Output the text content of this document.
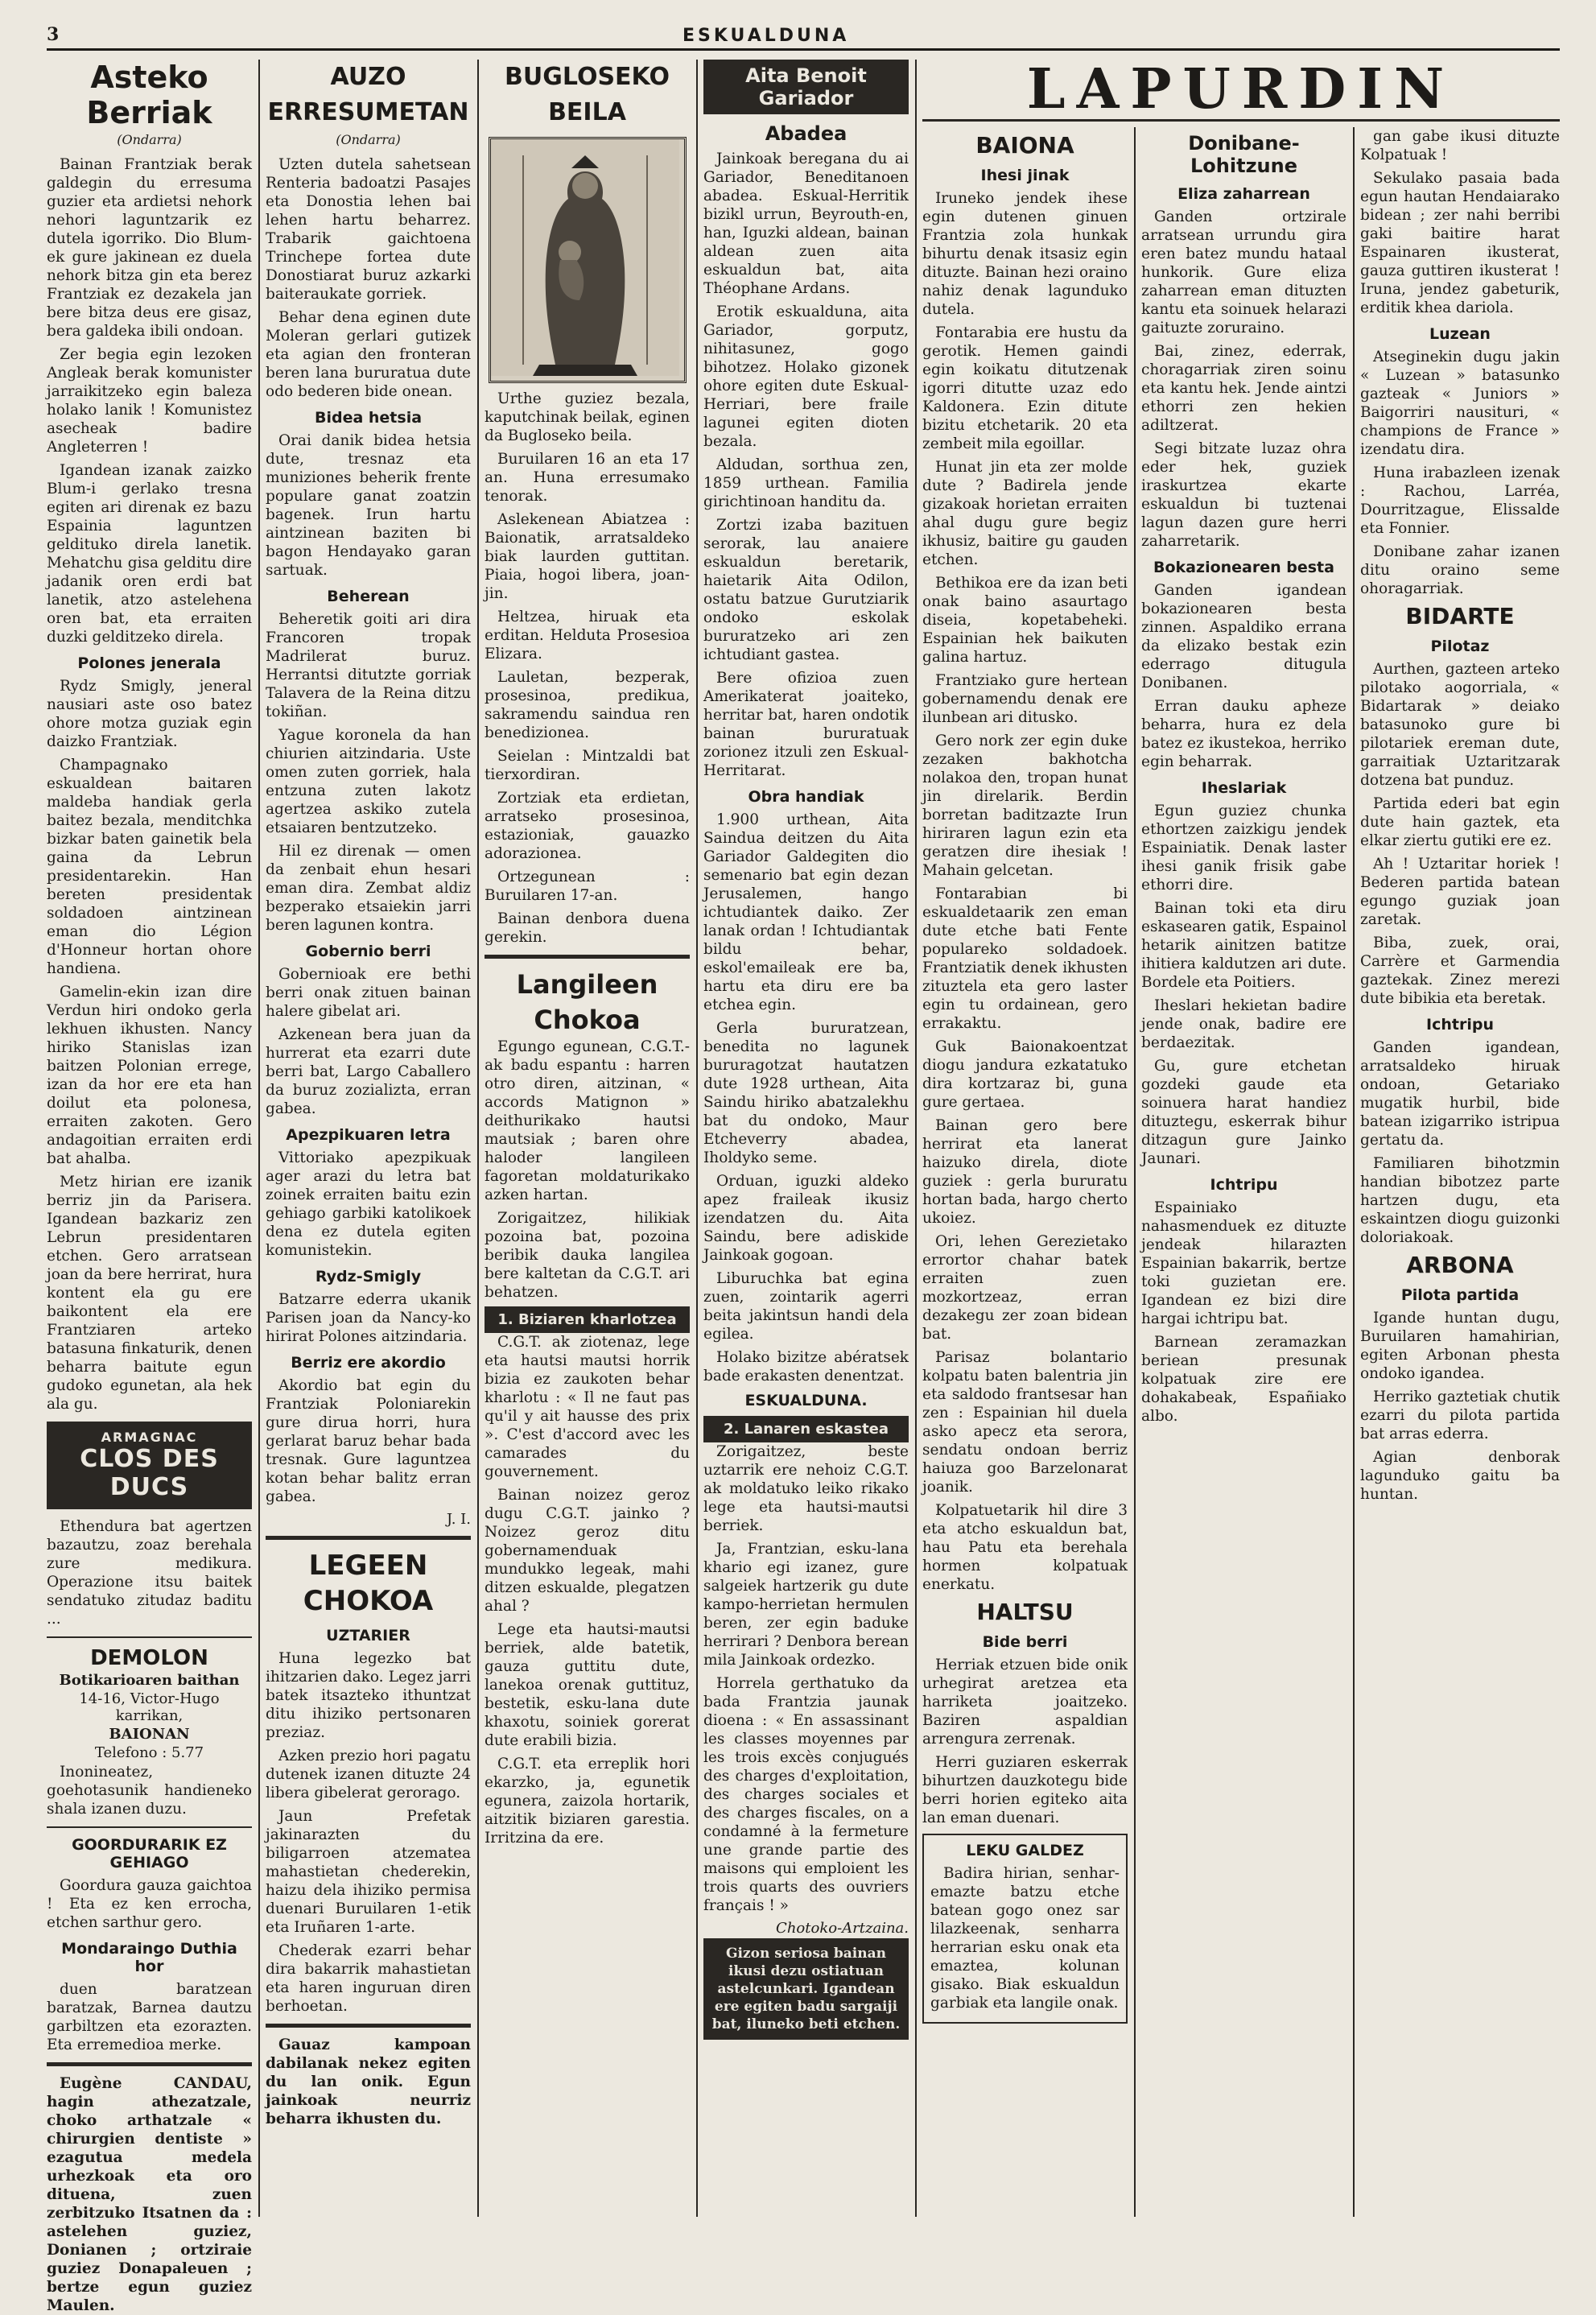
3	ESKUALDUNA
Asteko Berriak
(Ondarra)

Bainan Frantziak berak galdegin du erresuma guzier eta ardietsi nehork nehori laguntzarik ez dutela igorriko. Dio Blum-ek gure jakinean ez duela nehork bitza gin eta berez Frantziak ez dezakela jan bere bitza deus ere gisaz, bera galdeka ibili ondoan.

Zer begia egin lezoken Angleak berak komunister jarraikitzeko egin baleza holako lanik ! Komunistez asecheak badire Angleterren !

Igandean izanak zaizko Blum-i gerlako tresna egiten ari direnak ez bazu Espainia laguntzen geldituko direla lanetik. Mehatchu gisa gelditu dire jadanik oren erdi bat lanetik, atzo astelehena oren bat, eta erraiten duzki gelditzeko direla.

Polones jenerala

Rydz Smigly, jeneral nausiari aste oso batez ohore motza guziak egin daizko Frantziak.

Champagnako eskualdean baitaren maldeba handiak gerla baitez bezala, menditchka bizkar baten gainetik bela gaina da Lebrun presidentarekin. Han bereten presidentak soldadoen aintzinean eman dio Légion d'Honneur hortan ohore handiena.

Gamelin-ekin izan dire Verdun hiri ondoko gerla lekhuen ikhusten. Nancy hiriko Stanislas izan baitzen Polonian errege, izan da hor ere eta han doilut eta polonesa, erraiten zakoten. Gero andagoitian erraiten erdi bat ahalba.

Metz hirian ere izanik berriz jin da Parisera. Igandean bazkariz zen Lebrun presidentaren etchen. Gero arratsean joan da bere herrirat, hura kontent ela gu ere baikontent ela ere Frantziaren arteko batasuna finkaturik, denen beharra baitute egun gudoko egunetan, ala hek ala gu.

ARMAGNAC
CLOS DES DUCS

Ethendura bat agertzen bazautzu, zoaz berehala zure medikura. Operazione itsu baitek sendatuko zitudaz baditu ...

DEMOLON
Botikarioaren baithan
14-16, Victor-Hugo karrikan,
BAIONAN
Telefono : 5.77

Inonineatez, goehotasunik handieneko shala izanen duzu.

GOORDURARIK EZ GEHIAGO

Goordura gauza gaichtoa ! Eta ez ken errocha, etchen sarthur gero.

Mondaraingo Duthia hor

duen baratzean baratzak, Barnea dautzu garbiltzen eta ezorazten. Eta erremedioa merke.

Eugène CANDAU, hagin athezatzale, choko arthatzale « chirurgien dentiste » ezagutua medela urhezkoak eta oro dituena, zuen zerbitzuko Itsatnen da : astelehen guziez, Donianen ; ortziraie guziez Donapaleuen ; bertze egun guziez Maulen.

AUZO ERRESUMETAN
(Ondarra)

Uzten dutela sahetsean Renteria badoatzi Pasajes eta Donostia lehen bai lehen hartu beharrez. Trabarik gaichtoena Trinchepe fortea dute Donostiarat buruz azkarki baiteraukate gorriek.

Behar dena eginen dute Moleran gerlari gutizek eta agian den fronteran beren lana bururatua dute odo bederen bide onean.

Bidea hetsia

Orai danik bidea hetsia dute, tresnaz eta muniziones beherik frente populare ganat zoatzin bagenek. Irun hartu aintzinean baziten bi bagon Hendayako garan sartuak.

Beherean

Beheretik goiti ari dira Francoren tropak Madrilerat buruz. Herrantsi ditutzte gorriak Talavera de la Reina ditzu tokiñan.

Yague koronela da han chiurien aitzindaria. Uste omen zuten gorriek, hala entzuna zuten lakotz agertzea askiko zutela etsaiaren bentzutzeko.

Hil ez direnak — omen da zenbait ehun hesari eman dira. Zembat aldiz bezperako etsaiekin jarri beren lagunen kontra.

Gobernio berri

Gobernioak ere bethi berri onak zituen bainan halere gibelat ari.

Azkenean bera juan da hurrerat eta ezarri dute berri bat, Largo Caballero da buruz zozializta, erran gabea.

Apezpikuaren letra

Vittoriako apezpikuak ager arazi du letra bat zoinek erraiten baitu ezin gehiago garbiki katolikoek dena ez dutela egiten komunistekin.

Rydz-Smigly

Batzarre ederra ukanik Parisen joan da Nancy-ko hirirat Polones aitzindaria.

Berriz ere akordio

Akordio bat egin du Frantziak Poloniarekin gure dirua horri, hura gerlarat baruz behar bada tresnak. Gure laguntzea kotan behar balitz erran gabea.

J. I.
LEGEEN CHOKOA
UZTARIER

Huna legezko bat ihitzarien dako. Legez jarri batek itsazteko ithuntzat ditu ihiziko pertsonaren preziaz.

Azken prezio hori pagatu dutenek izanen dituzte 24 libera gibelerat gerorago.

Jaun Prefetak jakinarazten du biligarroen atzematea mahastietan chederekin, haizu dela ihiziko permisa duenari Buruilaren 1-etik eta Iruñaren 1-arte.

Chederak ezarri behar dira bakarrik mahastietan eta haren inguruan diren berhoetan.

Gauaz kampoan dabilanak nekez egiten du lan onik. Egun jainkoak neurriz beharra ikhusten du.

BUGLOSEKO BEILA

Urthe guziez bezala, kaputchinak beilak, eginen da Bugloseko beila.

Buruilaren 16 an eta 17 an. Huna erresumako tenorak.

Aslekenean Abiatzea : Baionatik, arratsaldeko biak laurden guttitan. Piaia, hogoi libera, joan-jin.

Heltzea, hiruak eta erditan. Helduta Prosesioa Elizara.

Lauletan, bezperak, prosesinoa, predikua, sakramendu saindua ren benedizionea.

Seielan : Mintzaldi bat tierxordiran.

Zortziak eta erdietan, arratseko prosesinoa, estazioniak, gauazko adorazionea.

Ortzegunean : Buruilaren 17-an.

Bainan denbora duena gerekin.

Langileen Chokoa

Egungo egunean, C.G.T.-ak badu espantu : harren otro diren, aitzinan, « accords Matignon » deithurikako hautsi mautsiak ; baren ohre haloder langileen fagoretan moldaturikako azken hartan.

Zorigaitzez, hilikiak pozoina bat, pozoina beribik dauka langilea bere kaltetan da C.G.T. ari behatzen.

1. Biziaren kharlotzea

C.G.T. ak ziotenaz, lege eta hautsi mautsi horrik bizia ez zaukoten behar kharlotu : « Il ne faut pas qu'il y ait hausse des prix ». C'est d'accord avec les camarades du gouvernement.

Bainan noizez geroz dugu C.G.T. jainko ? Noizez geroz ditu gobernamenduak mundukko legeak, mahi ditzen eskualde, plegatzen ahal ?

Lege eta hautsi-mautsi berriek, alde batetik, gauza guttitu dute, lanekoa orenak guttituz, bestetik, esku-lana dute khaxotu, soiniek gorerat dute erabili bizia.

C.G.T. eta erreplik hori ekarzko, ja, egunetik egunera, zaizola hortarik, aitzitik biziaren garestia. Irritzina da ere.

Aita Benoit Gariador
Abadea

Jainkoak beregana du ai Gariador, Beneditanoen abadea. Eskual-Herritik bizikl urrun, Beyrouth-en, han, Iguzki aldean, bainan aldean zuen aita eskualdun bat, aita Théophane Ardans.

Erotik eskualduna, aita Gariador, gorputz, nihitasunez, gogo bihotzez. Holako gizonek ohore egiten dute Eskual-Herriari, bere fraile lagunei egiten dioten bezala.

Aldudan, sorthua zen, 1859 urthean. Familia girichtinoan handitu da.

Zortzi izaba bazituen serorak, lau anaiere eskualdun beretarik, haietarik Aita Odilon, ostatu batzue Gurutziarik ondoko eskolak bururatzeko ari zen ichtudiant gastea.

Bere ofizioa zuen Amerikaterat joaiteko, herritar bat, haren ondotik bainan bururatuak zorionez itzuli zen Eskual-Herritarat.

Obra handiak

1.900 urthean, Aita Saindua deitzen du Aita Gariador Galdegiten dio semenario bat egin dezan Jerusalemen, hango ichtudiantek daiko. Zer lanak ordan ! Ichtudiantak bildu behar, eskol'emaileak ere ba, hartu eta diru ere ba etchea egin.

Gerla bururatzean, benedita no lagunek bururagotzat hautatzen dute 1928 urthean, Aita Saindu hiriko abatzalekhu bat du ondoko, Maur Etcheverry abadea, Iholdyko seme.

Orduan, iguzki aldeko apez fraileak ikusiz izendatzen du. Aita Saindu, bere adiskide Jainkoak gogoan.

Liburuchka bat egina zuen, zointarik agerri beita jakintsun handi dela egilea.

Holako bizitze abératsek bade erakasten denentzat.

ESKUALDUNA.
2. Lanaren eskastea

Zorigaitzez, beste uztarrik ere nehoiz C.G.T. ak moldatuko leiko rikako lege eta hautsi-mautsi berriek.

Ja, Frantzian, esku-lana khario egi izanez, gure salgeiek hartzerik gu dute kampo-herrietan hermulen beren, zer egin baduke herrirari ? Denbora berean mila Jainkoak ordezko.

Horrela gerthatuko da bada Frantzia jaunak dioena : « En assassinant les classes moyennes par les trois excès conjugués des charges d'exploitation, des charges sociales et des charges fiscales, on a condamné à la fermeture une grande partie des maisons qui emploient les trois quarts des ouvriers français ! »

Chotoko-Artzaina.
Gizon seriosa bainan ikusi dezu ostiatuan astelcunkari. Igandean ere egiten badu sargaiji bat, iluneko beti etchen.
LAPURDIN
BAIONA
Ihesi jinak

Iruneko jendek ihese egin dutenen ginuen Frantzia zola hunkak bihurtu denak itsasiz egin dituzte. Bainan hezi oraino nahiz denak lagunduko dutela.

Fontarabia ere hustu da gerotik. Hemen gaindi egin koikatu ditutzenak igorri ditutte uzaz edo Kaldonera. Ezin ditute bizitu etchetarik. 20 eta zembeit mila egoillar.

Hunat jin eta zer molde dute ? Badirela jende gizakoak horietan erraiten ahal dugu gure begiz ikhusiz, baitire gu gauden etchen.

Bethikoa ere da izan beti onak baino asaurtago diseia, kopetabeheki. Espainian hek baikuten galina hartuz.

Frantziako gure hertean gobernamendu denak ere ilunbean ari ditusko.

Gero nork zer egin duke zezaken bakhotcha nolakoa den, tropan hunat jin direlarik. Berdin borretan baditzazte Irun hiriraren lagun ezin eta geratzen dire ihesiak ! Mahain gelcetan.

Fontarabian bi eskualdetaarik zen eman dute etche bati Fente populareko soldadoek. Frantziatik denek ikhusten zituztela eta gero laster egin tu ordainean, gero errakaktu.

Guk Baionakoentzat diogu jandura ezkatatuko dira kortzaraz bi, guna gure gertaea.

Bainan gero bere herrirat eta lanerat haizuko direla, diote guziek : gerla bururatu hortan bada, hargo cherto ukoiez.

Ori, lehen Gerezietako errortor chahar batek erraiten zuen mozkortzeaz, erran dezakegu zer zoan bidean bat.

Parisaz bolantario kolpatu baten balentria jin eta saldodo frantsesar han zen : Espainian hil duela asko apecz eta serora, sendatu ondoan berriz haiuza goo Barzelonarat joanik.

Kolpatuetarik hil dire 3 eta atcho eskualdun bat, hau Patu eta berehala hormen kolpatuak enerkatu.

HALTSU
Bide berri

Herriak etzuen bide onik urhegirat aretzea eta harriketa joaitzeko. Baziren aspaldian arrengura zerrenak.

Herri guziaren eskerrak bihurtzen dauzkotegu bide berri horien egiteko aita lan eman duenari.

LEKU GALDEZ

Badira hirian, senhar-emazte batzu etche batean gogo onez sar lilazkeenak, senharra herrarian esku onak eta emaztea, kolunan gisako. Biak eskualdun garbiak eta langile onak.

Donibane-Lohitzune
Eliza zaharrean

Ganden ortzirale arratsean urrundu gira eren batez mundu hataal hunkorik. Gure eliza zaharrean eman dituzten kantu eta soinuek helarazi gaituzte zoruraino.

Bai, zinez, ederrak, choragarriak ziren soinu eta kantu hek. Jende aintzi ethorri zen hekien adiltzerat.

Segi bitzate luzaz ohra eder hek, guziek iraskurtzea ekarte eskualdun bi tuztenai lagun dazen gure herri zaharretarik.

Bokazionearen besta

Ganden igandean bokazionearen besta zinnen. Aspaldiko errana da elizako bestak ezin ederrago ditugula Donibanen.

Erran dauku apheze beharra, hura ez dela batez ez ikustekoa, herriko egin beharrak.

Iheslariak

Egun guziez chunka ethortzen zaizkigu jendek Espainiatik. Denak laster ihesi ganik frisik gabe ethorri dire.

Bainan toki eta diru eskasearen gatik, Espainol hetarik ainitzen batitze ihitiera kaldutzen ari dute. Bordele eta Poitiers.

Iheslari hekietan badire jende onak, badire ere berdaezitak.

Gu, gure etchetan gozdeki gaude eta soinuera harat handiez dituztegu, eskerrak bihur ditzagun gure Jainko Jaunari.

Ichtripu

Espainiako nahasmenduek ez dituzte jendeak hilarazten Espainian bakarrik, bertze toki guzietan ere. Igandean ez bizi dire hargai ichtripu bat.

Barnean zeramazkan beriean presunak kolpatuak zire ere dohakabeak, Españiako albo.

gan gabe ikusi dituzte Kolpatuak !

Sekulako pasaia bada egun hautan Hendaiarako bidean ; zer nahi berribi gaki baitire harat Espainaren ikusterat, gauza guttiren ikusterat ! Iruna, jendez gabeturik, erditik khea dariola.

Luzean

Atseginekin dugu jakin « Luzean » batasunko gazteak « Juniors » Baigorriri nausituri, « champions de France » izendatu dira.

Huna irabazleen izenak : Rachou, Larréa, Dourritzague, Elissalde eta Fonnier.

Donibane zahar izanen ditu oraino seme ohoragarriak.

BIDARTE
Pilotaz

Aurthen, gazteen arteko pilotako aogorriala, « Bidartarak » deiako batasunoko gure bi pilotariek ereman dute, garraitiak Uztaritzarak dotzena bat punduz.

Partida ederi bat egin dute hain gaztek, eta elkar ziertu gutiki ere ez.

Ah ! Uztaritar horiek ! Bederen partida batean egungo guziak joan zaretak.

Biba, zuek, orai, Carrère et Garmendia gaztekak. Zinez merezi dute bibikia eta beretak.

Ichtripu

Ganden igandean, arratsaldeko hiruak ondoan, Getariako mugatik hurbil, bide batean izigarriko istripua gertatu da.

Familiaren bihotzmin handian bibotzez parte hartzen dugu, eta eskaintzen diogu guizonki doloriakoak.

ARBONA
Pilota partida

Igande huntan dugu, Buruilaren hamahirian, egiten Arbonan phesta ondoko igandea.

Herriko gaztetiak chutik ezarri du pilota partida bat arras ederra.

Agian denborak lagunduko gaitu ba huntan.
